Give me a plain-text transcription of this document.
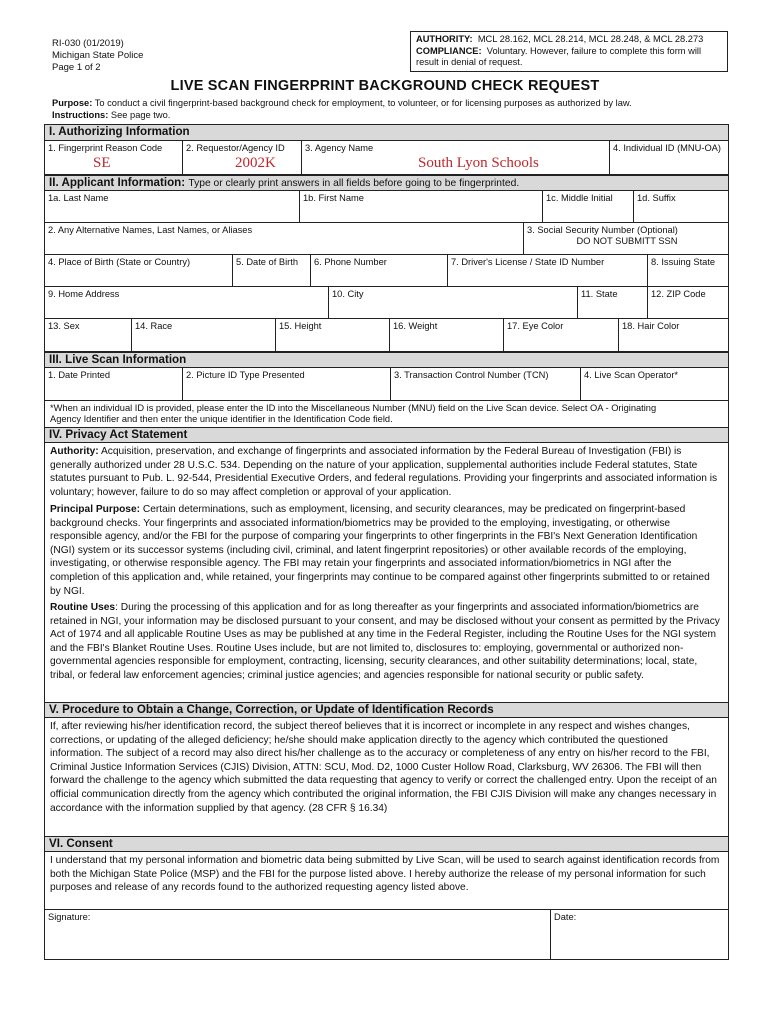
RI-030 (01/2019)
Michigan State Police
Page 1 of 2
AUTHORITY: MCL 28.162, MCL 28.214, MCL 28.248, & MCL 28.273
COMPLIANCE: Voluntary. However, failure to complete this form will
result in denial of request.
LIVE SCAN FINGERPRINT BACKGROUND CHECK REQUEST
Purpose: To conduct a civil fingerprint-based background check for employment, to volunteer, or for licensing purposes as authorized by law.
Instructions: See page two.
I. Authorizing Information
1. Fingerprint Reason Code	2. Requestor/Agency ID	3. Agency Name	4. Individual ID (MNU-OA)
SE	2002K	South Lyon Schools
II. Applicant Information: Type or clearly print answers in all fields before going to be fingerprinted.
1a. Last Name	1b. First Name	1c. Middle Initial	1d. Suffix
2. Any Alternative Names, Last Names, or Aliases	3. Social Security Number (Optional)
DO NOT SUBMITT SSN
4. Place of Birth (State or Country)	5. Date of Birth	6. Phone Number	7. Driver's License / State ID Number	8. Issuing State
9. Home Address	10. City	11. State	12. ZIP Code
13. Sex	14. Race	15. Height	16. Weight	17. Eye Color	18. Hair Color
III. Live Scan Information
1. Date Printed	2. Picture ID Type Presented	3. Transaction Control Number (TCN)	4. Live Scan Operator*
*When an individual ID is provided, please enter the ID into the Miscellaneous Number (MNU) field on the Live Scan device. Select OA - Originating
Agency Identifier and then enter the unique identifier in the Identification Code field.
IV. Privacy Act Statement
Authority: Acquisition, preservation, and exchange of fingerprints and associated information by the Federal Bureau of Investigation (FBI) is generally authorized under 28 U.S.C. 534. Depending on the nature of your application, supplemental authorities include Federal statutes, State statutes pursuant to Pub. L. 92-544, Presidential Executive Orders, and federal regulations. Providing your fingerprints and associated information is voluntary; however, failure to do so may affect completion or approval of your application.
Principal Purpose: Certain determinations, such as employment, licensing, and security clearances, may be predicated on fingerprint-based background checks. Your fingerprints and associated information/biometrics may be provided to the employing, investigating, or otherwise responsible agency, and/or the FBI for the purpose of comparing your fingerprints to other fingerprints in the FBI's Next Generation Identification (NGI) system or its successor systems (including civil, criminal, and latent fingerprint repositories) or other available records of the employing, investigating, or otherwise responsible agency. The FBI may retain your fingerprints and associated information/biometrics in NGI after the completion of this application and, while retained, your fingerprints may continue to be compared against other fingerprints submitted to or retained by NGI.
Routine Uses: During the processing of this application and for as long thereafter as your fingerprints and associated information/biometrics are retained in NGI, your information may be disclosed pursuant to your consent, and may be disclosed without your consent as permitted by the Privacy Act of 1974 and all applicable Routine Uses as may be published at any time in the Federal Register, including the Routine Uses for the NGI system and the FBI's Blanket Routine Uses. Routine Uses include, but are not limited to, disclosures to: employing, governmental or authorized non-governmental agencies responsible for employment, contracting, licensing, security clearances, and other suitability determinations; local, state, tribal, or federal law enforcement agencies; criminal justice agencies; and agencies responsible for national security or public safety.
V. Procedure to Obtain a Change, Correction, or Update of Identification Records
If, after reviewing his/her identification record, the subject thereof believes that it is incorrect or incomplete in any respect and wishes changes, corrections, or updating of the alleged deficiency; he/she should make application directly to the agency which contributed the questioned information. The subject of a record may also direct his/her challenge as to the accuracy or completeness of any entry on his/her record to the FBI, Criminal Justice Information Services (CJIS) Division, ATTN: SCU, Mod. D2, 1000 Custer Hollow Road, Clarksburg, WV 26306. The FBI will then forward the challenge to the agency which submitted the data requesting that agency to verify or correct the challenged entry. Upon the receipt of an official communication directly from the agency which contributed the original information, the FBI CJIS Division will make any changes necessary in accordance with the information supplied by that agency. (28 CFR § 16.34)
VI. Consent
I understand that my personal information and biometric data being submitted by Live Scan, will be used to search against identification records from both the Michigan State Police (MSP) and the FBI for the purpose listed above. I hereby authorize the release of my personal information for such purposes and release of any records found to the authorized requesting agency listed above.
Signature:	Date:
